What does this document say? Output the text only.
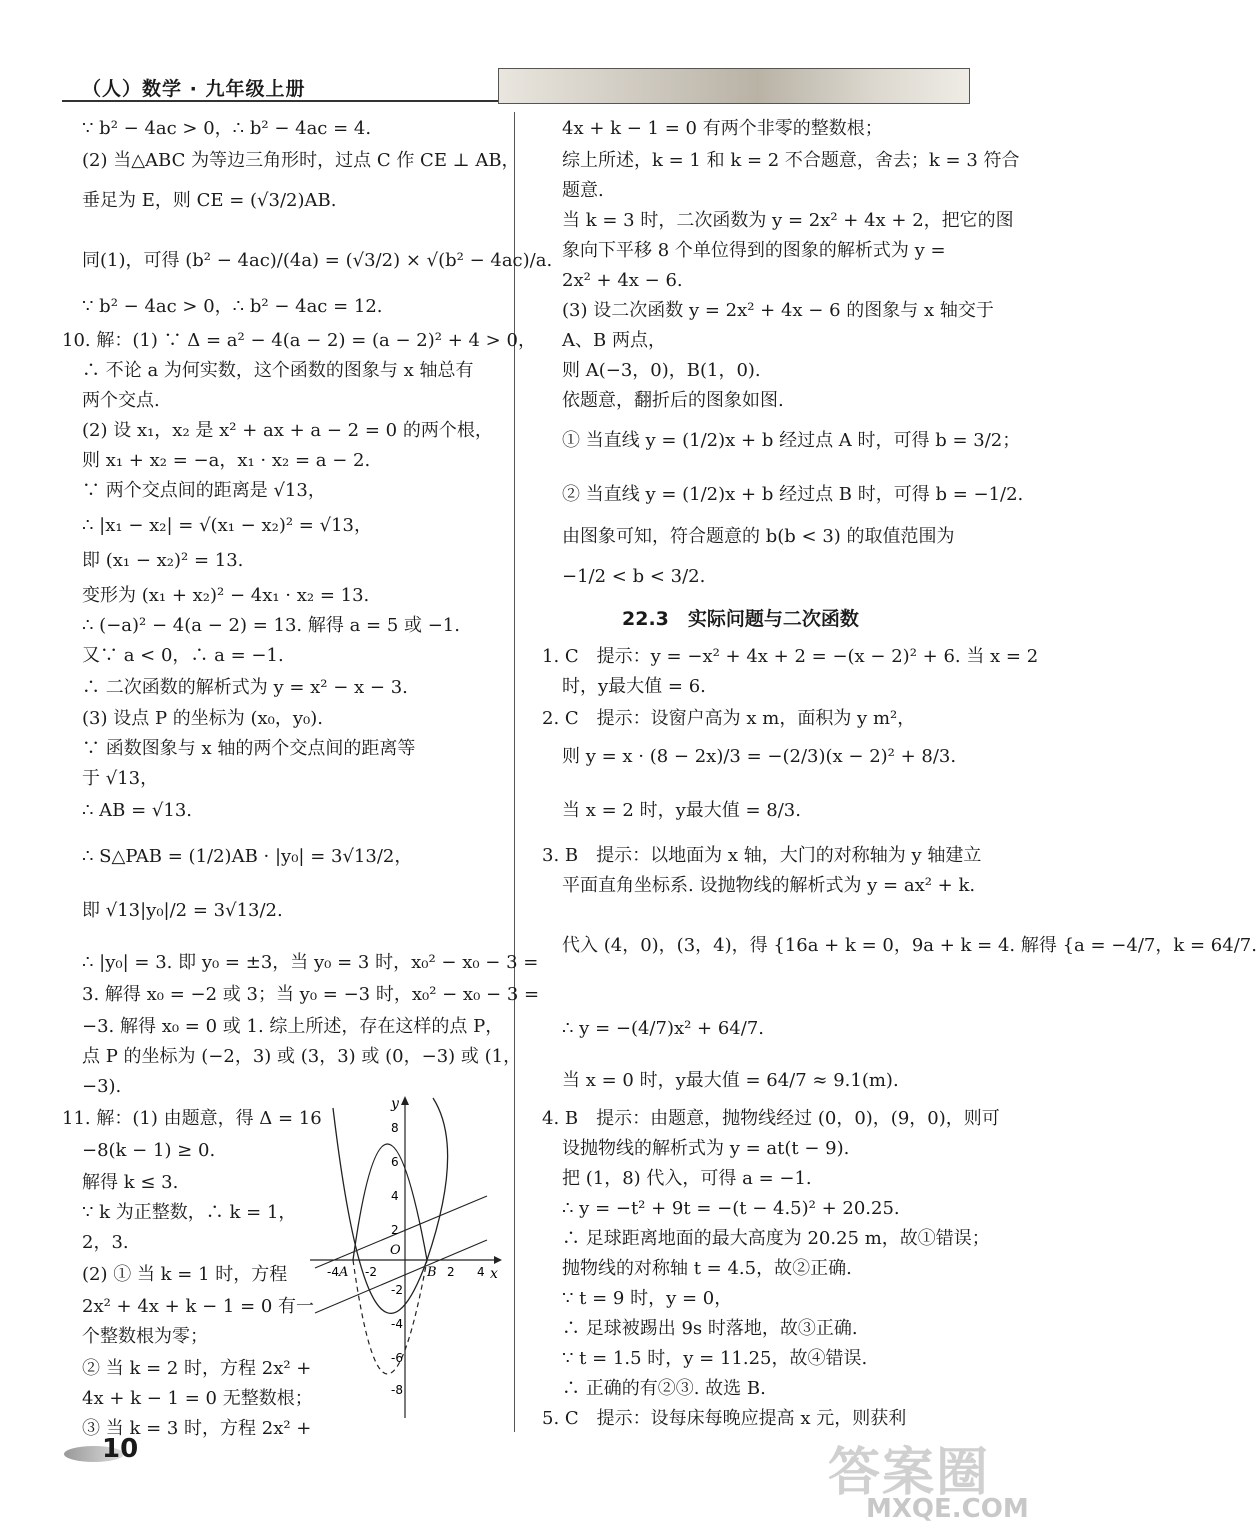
（人）数学 · 九年级上册
∵ b² − 4ac > 0，∴ b² − 4ac = 4.
(2) 当△ABC 为等边三角形时，过点 C 作 CE ⊥ AB，
垂足为 E，则 CE = (√3/2)AB.
同(1)，可得 (b² − 4ac)/(4a) = (√3/2) × √(b² − 4ac)/a.
∵ b² − 4ac > 0，∴ b² − 4ac = 12.
10. 解：(1) ∵ Δ = a² − 4(a − 2) = (a − 2)² + 4 > 0，
∴ 不论 a 为何实数，这个函数的图象与 x 轴总有
两个交点.
(2) 设 x₁，x₂ 是 x² + ax + a − 2 = 0 的两个根，
则 x₁ + x₂ = −a，x₁ · x₂ = a − 2.
∵ 两个交点间的距离是 √13，
∴ |x₁ − x₂| = √(x₁ − x₂)² = √13，
即 (x₁ − x₂)² = 13.
变形为 (x₁ + x₂)² − 4x₁ · x₂ = 13.
∴ (−a)² − 4(a − 2) = 13. 解得 a = 5 或 −1.
又∵ a < 0，∴ a = −1.
∴ 二次函数的解析式为 y = x² − x − 3.
(3) 设点 P 的坐标为 (x₀，y₀).
∵ 函数图象与 x 轴的两个交点间的距离等
于 √13，
∴ AB = √13.
∴ S△PAB = (1/2)AB · |y₀| = 3√13/2，
即 √13|y₀|/2 = 3√13/2.
∴ |y₀| = 3. 即 y₀ = ±3，当 y₀ = 3 时，x₀² − x₀ − 3 =
3. 解得 x₀ = −2 或 3；当 y₀ = −3 时，x₀² − x₀ − 3 =
−3. 解得 x₀ = 0 或 1. 综上所述，存在这样的点 P，
点 P 的坐标为 (−2，3) 或 (3，3) 或 (0，−3) 或 (1，
−3).
11. 解：(1) 由题意，得 Δ = 16
−8(k − 1) ≥ 0.
解得 k ≤ 3.
∵ k 为正整数，∴ k = 1，
2，3.
(2) ① 当 k = 1 时，方程
2x² + 4x + k − 1 = 0 有一
个整数根为零；
② 当 k = 2 时，方程 2x² +
4x + k − 1 = 0 无整数根；
③ 当 k = 3 时，方程 2x² +
4x + k − 1 = 0 有两个非零的整数根；
综上所述，k = 1 和 k = 2 不合题意，舍去；k = 3 符合
题意.
当 k = 3 时，二次函数为 y = 2x² + 4x + 2，把它的图
象向下平移 8 个单位得到的图象的解析式为 y =
2x² + 4x − 6.
(3) 设二次函数 y = 2x² + 4x − 6 的图象与 x 轴交于
A、B 两点，
则 A(−3，0)，B(1，0).
依题意，翻折后的图象如图.
① 当直线 y = (1/2)x + b 经过点 A 时，可得 b = 3/2；
② 当直线 y = (1/2)x + b 经过点 B 时，可得 b = −1/2.
由图象可知，符合题意的 b(b < 3) 的取值范围为
−1/2 < b < 3/2.
22.3　实际问题与二次函数
1. C　提示：y = −x² + 4x + 2 = −(x − 2)² + 6. 当 x = 2
时，y最大值 = 6.
2. C　提示：设窗户高为 x m，面积为 y m²，
则 y = x · (8 − 2x)/3 = −(2/3)(x − 2)² + 8/3.
当 x = 2 时，y最大值 = 8/3.
3. B　提示：以地面为 x 轴，大门的对称轴为 y 轴建立
平面直角坐标系. 设抛物线的解析式为 y = ax² + k.
代入 (4，0)，(3，4)，得 {16a + k = 0，9a + k = 4. 解得 {a = −4/7，k = 64/7.
∴ y = −(4/7)x² + 64/7.
当 x = 0 时，y最大值 = 64/7 ≈ 9.1(m).
4. B　提示：由题意，抛物线经过 (0，0)，(9，0)，则可
设抛物线的解析式为 y = at(t − 9).
把 (1，8) 代入，可得 a = −1.
∴ y = −t² + 9t = −(t − 4.5)² + 20.25.
∴ 足球距离地面的最大高度为 20.25 m，故①错误；
抛物线的对称轴 t = 4.5，故②正确.
∵ t = 9 时，y = 0，
∴ 足球被踢出 9s 时落地，故③正确.
∵ t = 1.5 时，y = 11.25，故④错误.
∴ 正确的有②③. 故选 B.
5. C　提示：设每床每晚应提高 x 元，则获利
x
y
O
A	B
-4 -2	2 4
8
6
4
2
-2
-4
-6
-8
10	答案圈
MXQE.COM
